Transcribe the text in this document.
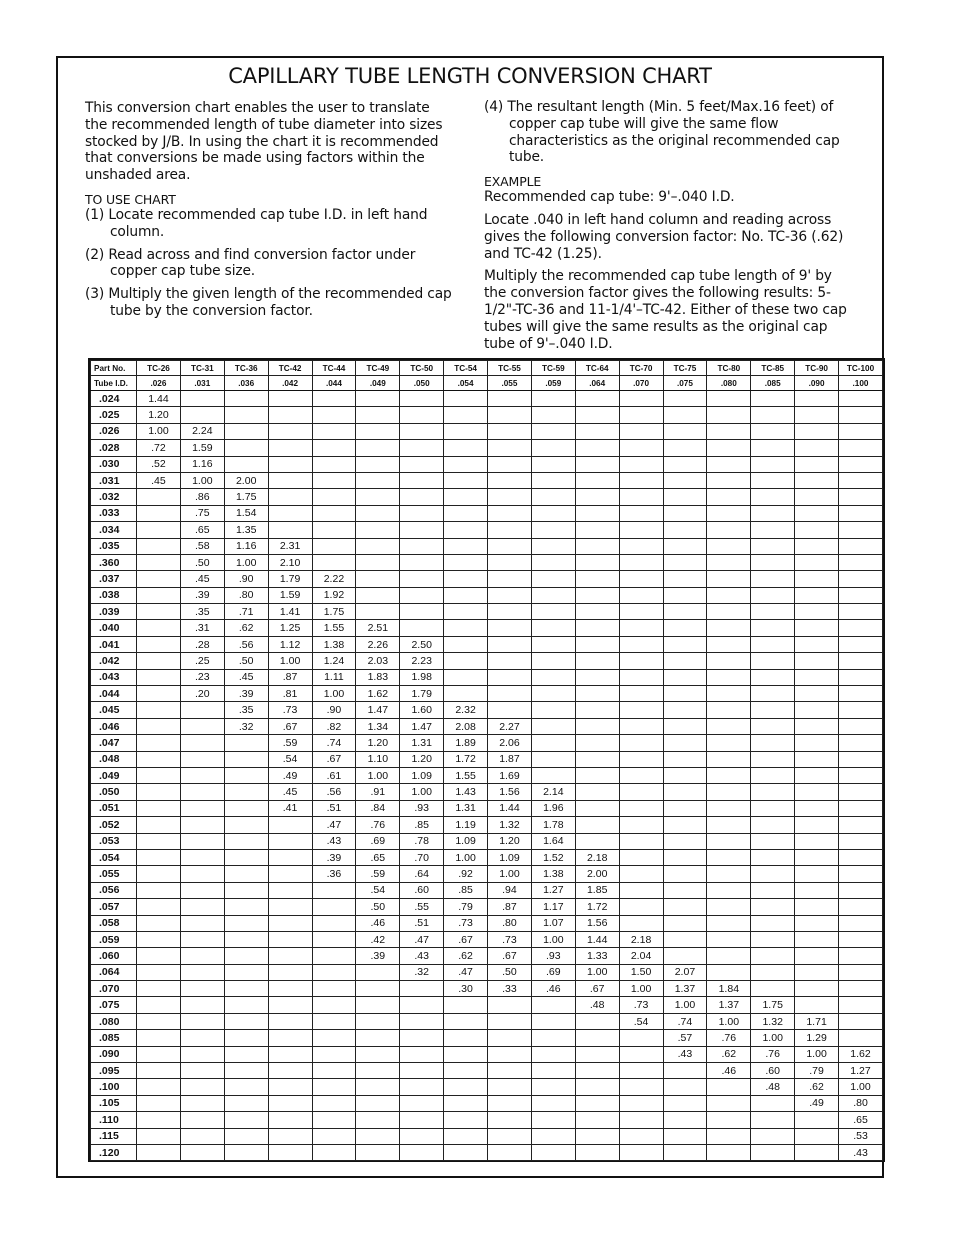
CAPILLARY TUBE LENGTH CONVERSION CHART

This conversion chart enables the user to translate the recommended length of tube diameter into sizes stocked by J/B. In using the chart it is recommended that conversions be made using factors within the unshaded area.

TO USE CHART

(1) Locate recommended cap tube I.D. in left hand column.

(2) Read across and find conversion factor under copper cap tube size.

(3) Multiply the given length of the recommended cap tube by the conversion factor.

(4) The resultant length (Min. 5 feet/Max.16 feet) of copper cap tube will give the same flow characteristics as the original recommended cap tube.

EXAMPLE

Recommended cap tube: 9'–.040 I.D.

Locate .040 in left hand column and reading across gives the following conversion factor: No. TC-36 (.62) and TC-42 (1.25).

Multiply the recommended cap tube length of 9' by the conversion factor gives the following results: 5-1/2"-TC-36 and 11-1/4'–TC-42. Either of these two cap tubes will give the same results as the original cap tube of 9'–.040 I.D.

Part No.	TC-26	TC-31	TC-36	TC-42	TC-44	TC-49	TC-50	TC-54	TC-55	TC-59	TC-64	TC-70	TC-75	TC-80	TC-85	TC-90	TC-100
Tube I.D.	.026	.031	.036	.042	.044	.049	.050	.054	.055	.059	.064	.070	.075	.080	.085	.090	.100
.024	1.44																
.025	1.20																
.026	1.00	2.24															
.028	.72	1.59															
.030	.52	1.16															
.031	.45	1.00	2.00														
.032		.86	1.75														
.033		.75	1.54														
.034		.65	1.35														
.035		.58	1.16	2.31													
.360		.50	1.00	2.10													
.037		.45	.90	1.79	2.22												
.038		.39	.80	1.59	1.92												
.039		.35	.71	1.41	1.75												
.040		.31	.62	1.25	1.55	2.51											
.041		.28	.56	1.12	1.38	2.26	2.50										
.042		.25	.50	1.00	1.24	2.03	2.23										
.043		.23	.45	.87	1.11	1.83	1.98										
.044		.20	.39	.81	1.00	1.62	1.79										
.045			.35	.73	.90	1.47	1.60	2.32									
.046			.32	.67	.82	1.34	1.47	2.08	2.27								
.047				.59	.74	1.20	1.31	1.89	2.06								
.048				.54	.67	1.10	1.20	1.72	1.87								
.049				.49	.61	1.00	1.09	1.55	1.69								
.050				.45	.56	.91	1.00	1.43	1.56	2.14							
.051				.41	.51	.84	.93	1.31	1.44	1.96							
.052					.47	.76	.85	1.19	1.32	1.78							
.053					.43	.69	.78	1.09	1.20	1.64							
.054					.39	.65	.70	1.00	1.09	1.52	2.18						
.055					.36	.59	.64	.92	1.00	1.38	2.00						
.056						.54	.60	.85	.94	1.27	1.85						
.057						.50	.55	.79	.87	1.17	1.72						
.058						.46	.51	.73	.80	1.07	1.56						
.059						.42	.47	.67	.73	1.00	1.44	2.18					
.060						.39	.43	.62	.67	.93	1.33	2.04					
.064							.32	.47	.50	.69	1.00	1.50	2.07				
.070								.30	.33	.46	.67	1.00	1.37	1.84			
.075											.48	.73	1.00	1.37	1.75		
.080												.54	.74	1.00	1.32	1.71	
.085													.57	.76	1.00	1.29	
.090													.43	.62	.76	1.00	1.62
.095														.46	.60	.79	1.27
.100															.48	.62	1.00
.105																.49	.80
.110																	.65
.115																	.53
.120																	.43
